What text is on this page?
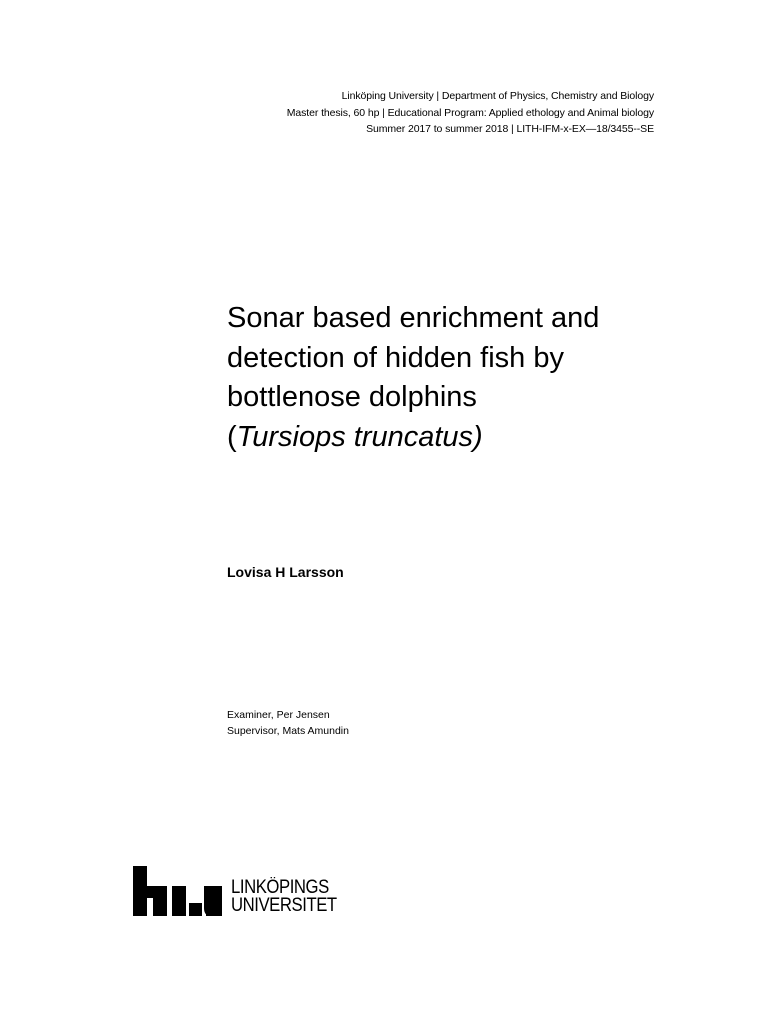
Linköping University | Department of Physics, Chemistry and Biology
Master thesis, 60 hp | Educational Program: Applied ethology and Animal biology
Summer 2017 to summer 2018 | LITH-IFM-x-EX—18/3455--SE
Sonar based enrichment and
detection of hidden fish by
bottlenose dolphins
(Tursiops truncatus)
Lovisa H Larsson
Examiner, Per Jensen
Supervisor, Mats Amundin
LINKÖPINGS
UNIVERSITET
